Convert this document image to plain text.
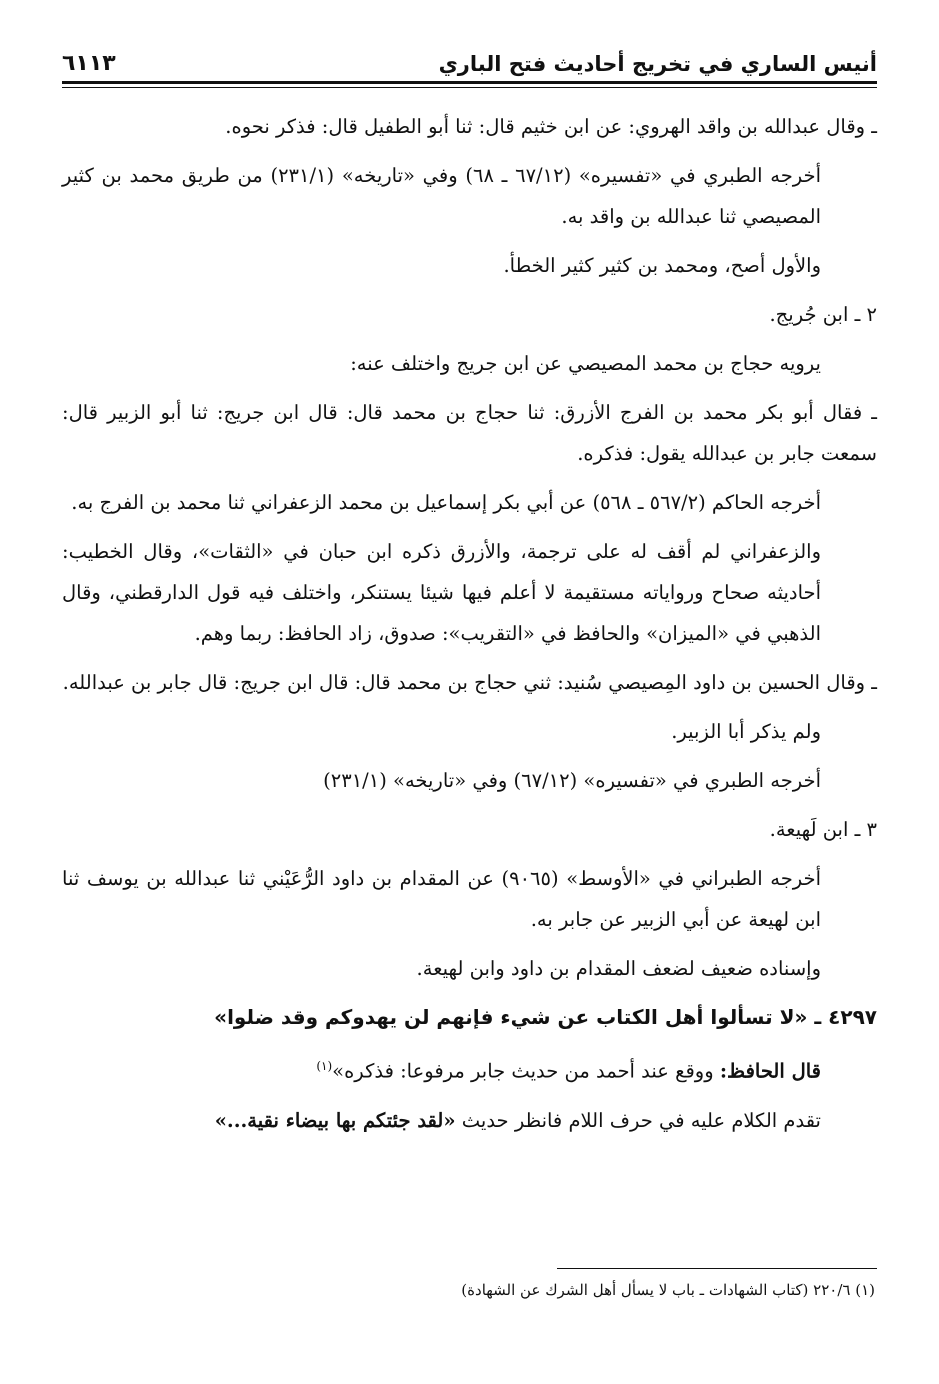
أنيس الساري في تخريج أحاديث فتح الباري
٦١١٣

ـ وقال عبدالله بن واقد الهروي: عن ابن خثيم قال: ثنا أبو الطفيل قال: فذكر نحوه.

أخرجه الطبري في «تفسيره» (٦٧/١٢ ـ ٦٨) وفي «تاريخه» (٢٣١/١) من طريق محمد بن كثير المصيصي ثنا عبدالله بن واقد به.

والأول أصح، ومحمد بن كثير كثير الخطأ.

٢ ـ ابن جُريج.

يرويه حجاج بن محمد المصيصي عن ابن جريج واختلف عنه:

ـ فقال أبو بكر محمد بن الفرج الأزرق: ثنا حجاج بن محمد قال: قال ابن جريج: ثنا أبو الزبير قال: سمعت جابر بن عبدالله يقول: فذكره.

أخرجه الحاكم (٥٦٧/٢ ـ ٥٦٨) عن أبي بكر إسماعيل بن محمد الزعفراني ثنا محمد بن الفرج به.

والزعفراني لم أقف له على ترجمة، والأزرق ذكره ابن حبان في «الثقات»، وقال الخطيب: أحاديثه صحاح ورواياته مستقيمة لا أعلم فيها شيئا يستنكر، واختلف فيه قول الدارقطني، وقال الذهبي في «الميزان» والحافظ في «التقريب»: صدوق، زاد الحافظ: ربما وهم.

ـ وقال الحسين بن داود المِصيصي سُنيد: ثني حجاج بن محمد قال: قال ابن جريج: قال جابر بن عبدالله.

ولم يذكر أبا الزبير.

أخرجه الطبري في «تفسيره» (٦٧/١٢) وفي «تاريخه» (٢٣١/١)

٣ ـ ابن لَهيعة.

أخرجه الطبراني في «الأوسط» (٩٠٦٥) عن المقدام بن داود الرُّعَيْني ثنا عبدالله بن يوسف ثنا ابن لهيعة عن أبي الزبير عن جابر به.

وإسناده ضعيف لضعف المقدام بن داود وابن لهيعة.

٤٢٩٧ ـ «لا تسألوا أهل الكتاب عن شيء فإنهم لن يهدوكم وقد ضلوا»

قال الحافظ: ووقع عند أحمد من حديث جابر مرفوعا: فذكره»$^{(١)}$

تقدم الكلام عليه في حرف اللام فانظر حديث «لقد جئتكم بها بيضاء نقية...»

(١) ٢٢٠/٦ (كتاب الشهادات ـ باب لا يسأل أهل الشرك عن الشهادة)
